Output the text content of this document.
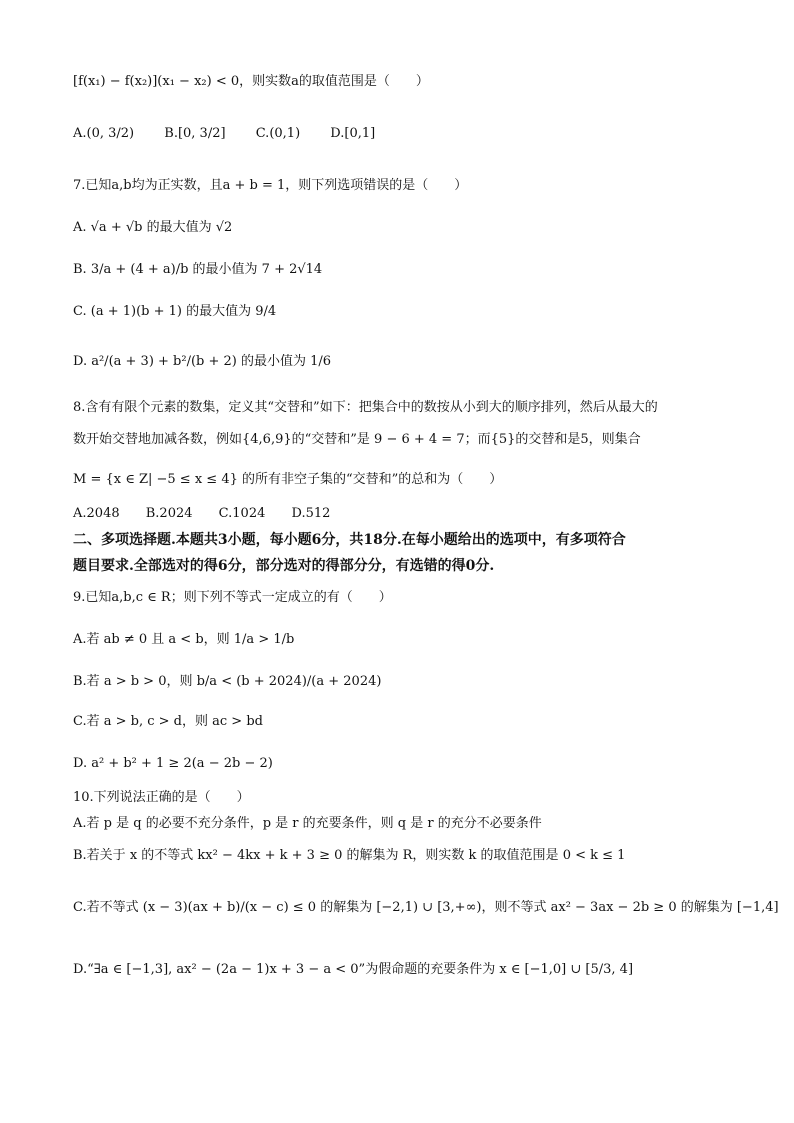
[f(x₁) − f(x₂)](x₁ − x₂) < 0，则实数a的取值范围是（　　）
A.(0, 3/2) B.[0, 3/2] C.(0,1) D.[0,1]
7.已知a,b均为正实数，且a + b = 1，则下列选项错误的是（　　）
A. √a + √b 的最大值为 √2
B. 3/a + (4 + a)/b 的最小值为 7 + 2√14
C. (a + 1)(b + 1) 的最大值为 9/4
D. a²/(a + 3) + b²/(b + 2) 的最小值为 1/6
8.含有有限个元素的数集，定义其“交替和”如下：把集合中的数按从小到大的顺序排列，然后从最大的
数开始交替地加减各数，例如{4,6,9}的“交替和”是 9 − 6 + 4 = 7；而{5}的交替和是5，则集合
M = {x ∈ Z| −5 ≤ x ≤ 4} 的所有非空子集的“交替和”的总和为（　　）
A.2048 B.2024 C.1024 D.512
二、多项选择题.本题共3小题，每小题6分，共18分.在每小题给出的选项中，有多项符合
题目要求.全部选对的得6分，部分选对的得部分分，有选错的得0分.
9.已知a,b,c ∈ R；则下列不等式一定成立的有（　　）
A.若 ab ≠ 0 且 a < b，则 1/a > 1/b
B.若 a > b > 0，则 b/a < (b + 2024)/(a + 2024)
C.若 a > b, c > d，则 ac > bd
D. a² + b² + 1 ≥ 2(a − 2b − 2)
10.下列说法正确的是（　　）
A.若 p 是 q 的必要不充分条件，p 是 r 的充要条件，则 q 是 r 的充分不必要条件
B.若关于 x 的不等式 kx² − 4kx + k + 3 ≥ 0 的解集为 R，则实数 k 的取值范围是 0 < k ≤ 1
C.若不等式 (x − 3)(ax + b)/(x − c) ≤ 0 的解集为 [−2,1) ∪ [3,+∞)，则不等式 ax² − 3ax − 2b ≥ 0 的解集为 [−1,4]
D.“∃a ∈ [−1,3], ax² − (2a − 1)x + 3 − a < 0”为假命题的充要条件为 x ∈ [−1,0] ∪ [5/3, 4]
